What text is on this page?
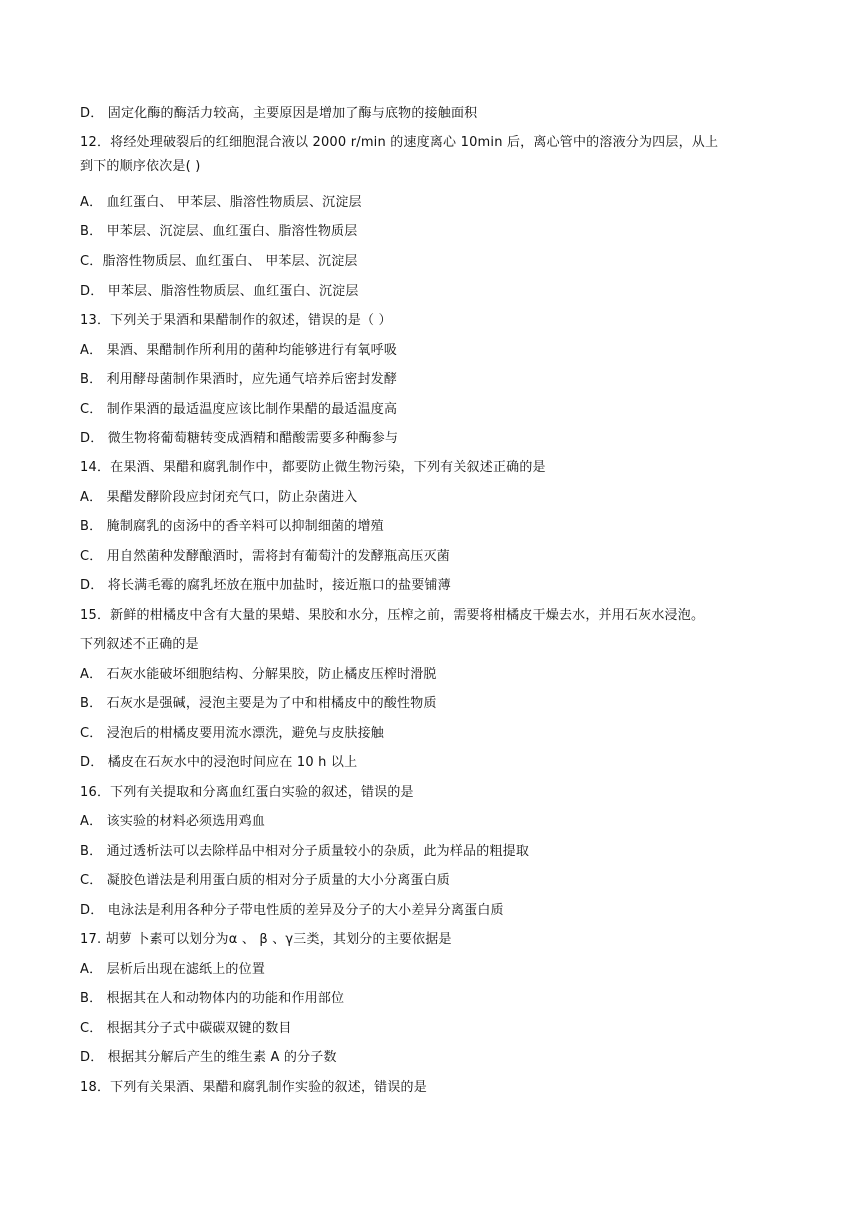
D． 固定化酶的酶活力较高，主要原因是增加了酶与底物的接触面积
12．将经处理破裂后的红细胞混合液以 2000 r/min 的速度离心 10min 后，离心管中的溶液分为四层，从上
到下的顺序依次是( )
A． 血红蛋白、 甲苯层、脂溶性物质层、沉淀层
B． 甲苯层、沉淀层、血红蛋白、脂溶性物质层
C．脂溶性物质层、血红蛋白、 甲苯层、沉淀层
D． 甲苯层、脂溶性物质层、血红蛋白、沉淀层
13．下列关于果酒和果醋制作的叙述，错误的是（ ）
A． 果酒、果醋制作所利用的菌种均能够进行有氧呼吸
B． 利用酵母菌制作果酒时，应先通气培养后密封发酵
C． 制作果酒的最适温度应该比制作果醋的最适温度高
D． 微生物将葡萄糖转变成酒精和醋酸需要多种酶参与
14．在果酒、果醋和腐乳制作中，都要防止微生物污染，下列有关叙述正确的是
A． 果醋发酵阶段应封闭充气口，防止杂菌进入
B． 腌制腐乳的卤汤中的香辛料可以抑制细菌的增殖
C． 用自然菌种发酵酿酒时，需将封有葡萄汁的发酵瓶高压灭菌
D． 将长满毛霉的腐乳坯放在瓶中加盐时，接近瓶口的盐要铺薄
15．新鲜的柑橘皮中含有大量的果蜡、果胶和水分，压榨之前，需要将柑橘皮干燥去水，并用石灰水浸泡。
下列叙述不正确的是
A． 石灰水能破坏细胞结构、分解果胶，防止橘皮压榨时滑脱
B． 石灰水是强碱，浸泡主要是为了中和柑橘皮中的酸性物质
C． 浸泡后的柑橘皮要用流水漂洗，避免与皮肤接触
D． 橘皮在石灰水中的浸泡时间应在 10 h 以上
16．下列有关提取和分离血红蛋白实验的叙述，错误的是
A． 该实验的材料必须选用鸡血
B． 通过透析法可以去除样品中相对分子质量较小的杂质，此为样品的粗提取
C． 凝胶色谱法是利用蛋白质的相对分子质量的大小分离蛋白质
D． 电泳法是利用各种分子带电性质的差异及分子的大小差异分离蛋白质
17. 胡萝 卜素可以划分为α 、 β 、γ三类，其划分的主要依据是
A． 层析后出现在滤纸上的位置
B． 根据其在人和动物体内的功能和作用部位
C． 根据其分子式中碳碳双键的数目
D． 根据其分解后产生的维生素 A 的分子数
18．下列有关果酒、果醋和腐乳制作实验的叙述，错误的是
